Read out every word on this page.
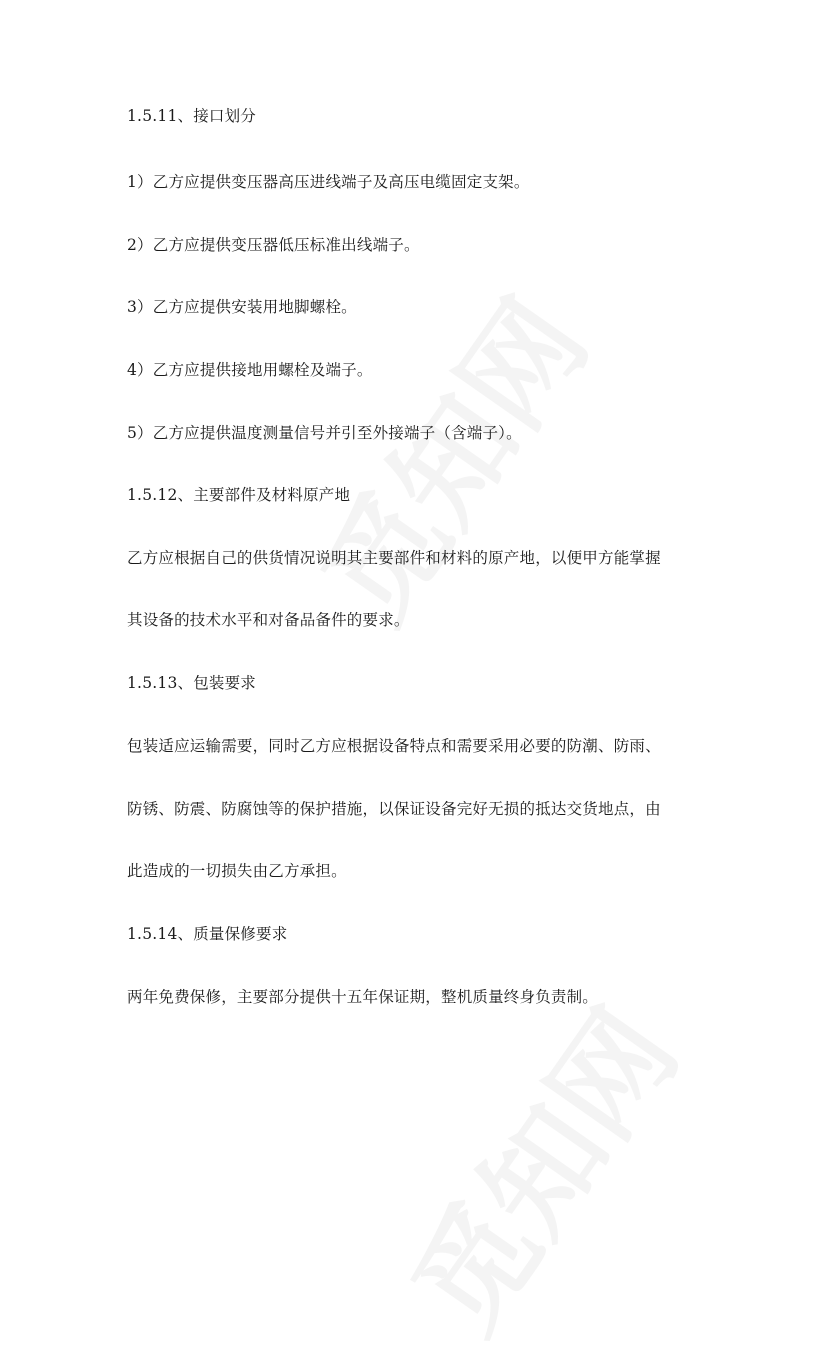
1.5.11、接口划分
1）乙方应提供变压器高压进线端子及高压电缆固定支架。
2）乙方应提供变压器低压标准出线端子。
3）乙方应提供安装用地脚螺栓。
4）乙方应提供接地用螺栓及端子。
5）乙方应提供温度测量信号并引至外接端子（含端子）。
1.5.12、主要部件及材料原产地
乙方应根据自己的供货情况说明其主要部件和材料的原产地，以便甲方能掌握
其设备的技术水平和对备品备件的要求。
1.5.13、包装要求
包装适应运输需要，同时乙方应根据设备特点和需要采用必要的防潮、防雨、
防锈、防震、防腐蚀等的保护措施，以保证设备完好无损的抵达交货地点，由
此造成的一切损失由乙方承担。
1.5.14、质量保修要求
两年免费保修，主要部分提供十五年保证期，整机质量终身负责制。
